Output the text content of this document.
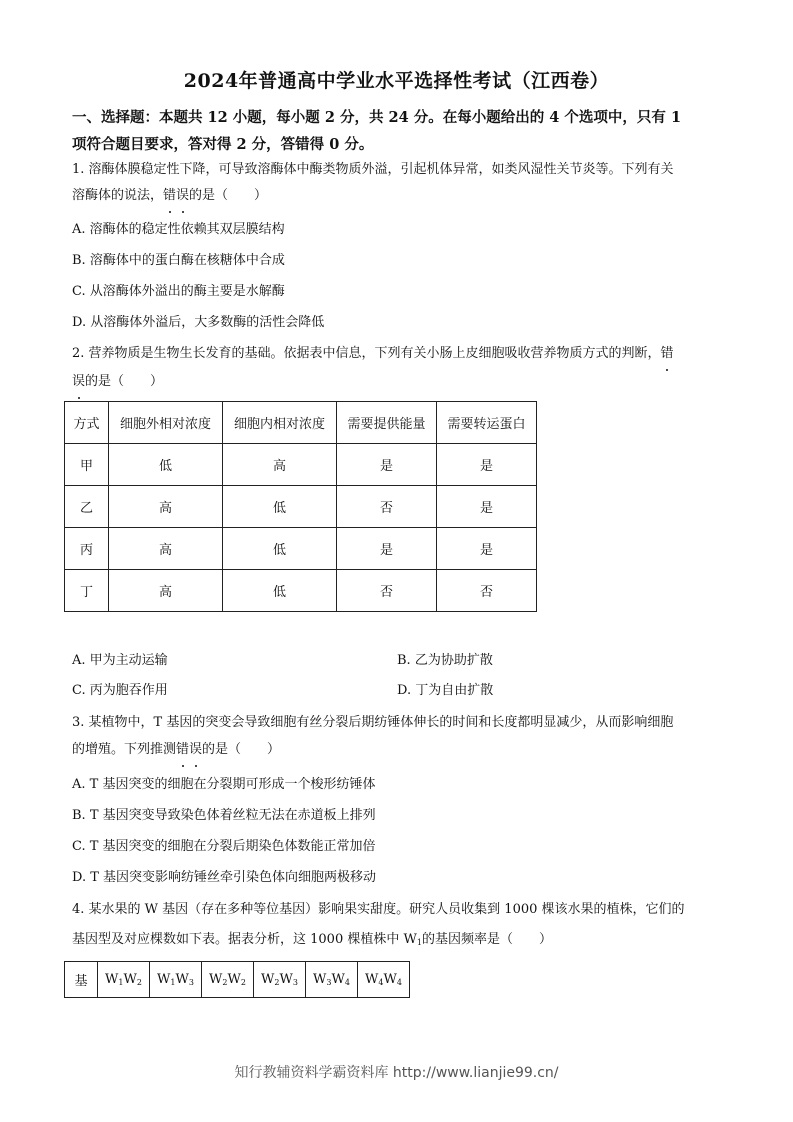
2024年普通高中学业水平选择性考试（江西卷）
一、选择题：本题共 12 小题，每小题 2 分，共 24 分。在每小题给出的 4 个选项中，只有 1
项符合题目要求，答对得 2 分，答错得 0 分。
1. 溶酶体膜稳定性下降，可导致溶酶体中酶类物质外溢，引起机体异常，如类风湿性关节炎等。下列有关
溶酶体的说法，错误的是（　　）
A. 溶酶体的稳定性依赖其双层膜结构
B. 溶酶体中的蛋白酶在核糖体中合成
C. 从溶酶体外溢出的酶主要是水解酶
D. 从溶酶体外溢后，大多数酶的活性会降低
2. 营养物质是生物生长发育的基础。依据表中信息，下列有关小肠上皮细胞吸收营养物质方式的判断，错
误的是（　　）
方式	细胞外相对浓度	细胞内相对浓度	需要提供能量	需要转运蛋白
甲	低	高	是	是
乙	高	低	否	是
丙	高	低	是	是
丁	高	低	否	否
A. 甲为主动运输	B. 乙为协助扩散
C. 丙为胞吞作用	D. 丁为自由扩散
3. 某植物中，T 基因的突变会导致细胞有丝分裂后期纺锤体伸长的时间和长度都明显减少，从而影响细胞
的增殖。下列推测错误的是（　　）
A. T 基因突变的细胞在分裂期可形成一个梭形纺锤体
B. T 基因突变导致染色体着丝粒无法在赤道板上排列
C. T 基因突变的细胞在分裂后期染色体数能正常加倍
D. T 基因突变影响纺锤丝牵引染色体向细胞两极移动
4. 某水果的 W 基因（存在多种等位基因）影响果实甜度。研究人员收集到 1000 棵该水果的植株，它们的
基因型及对应棵数如下表。据表分析，这 1000 棵植株中 $W_1$的基因频率是（　　）
基	$W_1W_2$	$W_1W_3$	$W_2W_2$	$W_2W_3$	$W_3W_4$	$W_4W_4$
知行教辅资料学霸资料库 http://www.lianjie99.cn/
